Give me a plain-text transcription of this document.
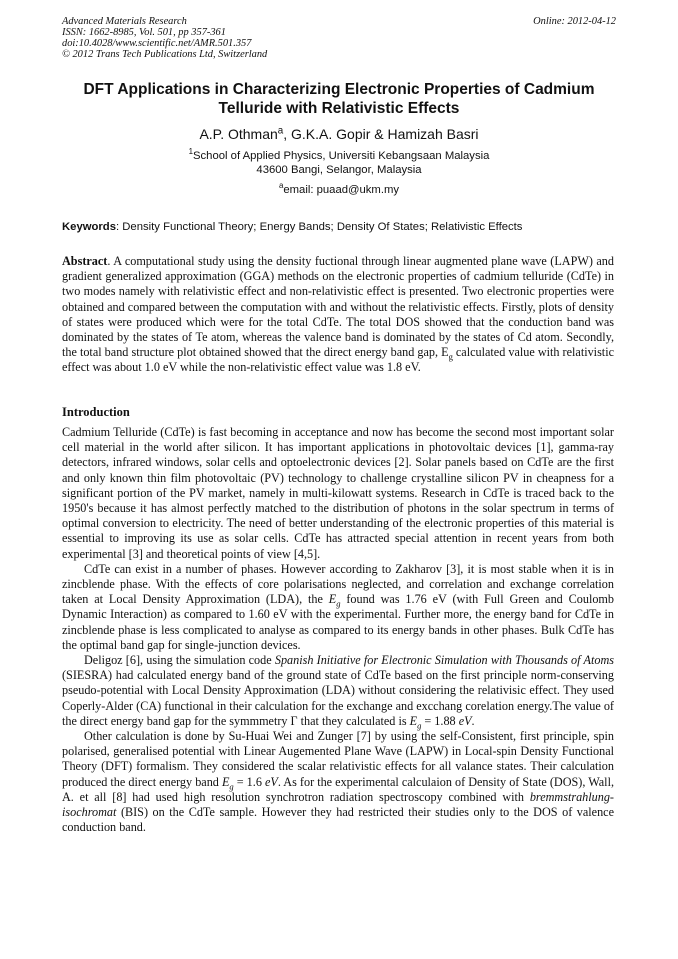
Advanced Materials Research
ISSN: 1662-8985, Vol. 501, pp 357-361
doi:10.4028/www.scientific.net/AMR.501.357
© 2012 Trans Tech Publications Ltd, Switzerland
Online: 2012-04-12
DFT Applications in Characterizing Electronic Properties of Cadmium Telluride with Relativistic Effects
A.P. Othman$^a$, G.K.A. Gopir & Hamizah Basri
$^1$School of Applied Physics, Universiti Kebangsaan Malaysia
43600 Bangi, Selangor, Malaysia
$^a$email: puaad@ukm.my
Keywords: Density Functional Theory; Energy Bands; Density Of States; Relativistic Effects

Abstract. A computational study using the density fuctional through linear augmented plane wave (LAPW) and gradient generalized approximation (GGA) methods on the electronic properties of cadmium telluride (CdTe) in two modes namely with relativistic effect and non-relativistic effect is presented. Two electronic properties were obtained and compared between the computation with and without the relativistic effects. Firstly, plots of density of states were produced which were for the total CdTe. The total DOS showed that the conduction band was dominated by the states of Te atom, whereas the valence band is dominated by the states of Cd atom. Secondly, the total band structure plot obtained showed that the direct energy band gap, $E_g$ calculated value with relativistic effect was about 1.0 eV while the non-relativistic effect value was 1.8 eV.

Introduction

Cadmium Telluride (CdTe) is fast becoming in acceptance and now has become the second most important solar cell material in the world after silicon. It has important applications in photovoltaic devices [1], gamma-ray detectors, infrared windows, solar cells and optoelectronic devices [2]. Solar panels based on CdTe are the first and only known thin film photovoltaic (PV) technology to challenge crystalline silicon PV in cheapness for a significant portion of the PV market, namely in multi-kilowatt systems. Research in CdTe is traced back to the 1950's because it has almost perfectly matched to the distribution of photons in the solar spectrum in terms of optimal conversion to electricity. The need of better understanding of the electronic properties of this material is essential to improving its use as solar cells. CdTe has attracted special attention in recent years from both experimental [3] and theoretical points of view [4,5].

CdTe can exist in a number of phases. However according to Zakharov [3], it is most stable when it is in zincblende phase. With the effects of core polarisations neglected, and correlation and exchange correlation taken at Local Density Approximation (LDA), the $E_g$ found was 1.76 eV (with Full Green and Coulomb Dynamic Interaction) as compared to 1.60 eV with the experimental. Further more, the energy band for CdTe in zincblende phase is less complicated to analyse as compared to its energy bands in other phases. Bulk CdTe has the optimal band gap for single-junction devices.

Deligoz [6], using the simulation code Spanish Initiative for Electronic Simulation with Thousands of Atoms (SIESRA) had calculated energy band of the ground state of CdTe based on the first principle norm-conserving pseudo-potential with Local Density Approximation (LDA) without considering the relativisic effect. They used Coperly-Alder (CA) functional in their calculation for the exchange and excchang corelation energy.The value of the direct energy band gap for the symmmetry Γ that they calculated is $E_g = 1.88$ eV.

Other calculation is done by Su-Huai Wei and Zunger [7] by using the self-Consistent, first principle, spin polarised, generalised potential with Linear Augemented Plane Wave (LAPW) in Local-spin Density Functional Theory (DFT) formalism. They considered the scalar relativistic effects for all valance states. Their calculation produced the direct energy band $E_g = 1.6$ eV. As for the experimental calculaion of Density of State (DOS), Wall, A. et all [8] had used high resolution synchrotron radiation spectroscopy combined with bremmstrahlung-isochromat (BIS) on the CdTe sample. However they had restricted their studies only to the DOS of valence conduction band.
